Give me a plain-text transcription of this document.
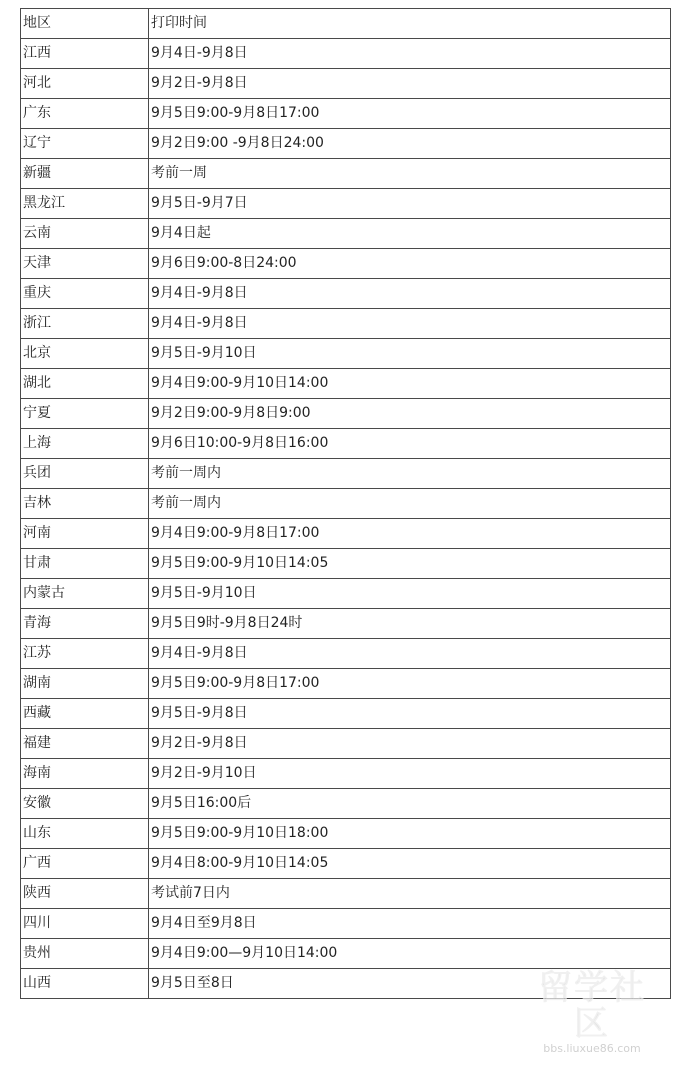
地区	打印时间
江西	9月4日-9月8日
河北	9月2日-9月8日
广东	9月5日9:00-9月8日17:00
辽宁	9月2日9:00 -9月8日24:00
新疆	考前一周
黑龙江	9月5日-9月7日
云南	9月4日起
天津	9月6日9:00-8日24:00
重庆	9月4日-9月8日
浙江	9月4日-9月8日
北京	9月5日-9月10日
湖北	9月4日9:00-9月10日14:00
宁夏	9月2日9:00-9月8日9:00
上海	9月6日10:00-9月8日16:00
兵团	考前一周内
吉林	考前一周内
河南	9月4日9:00-9月8日17:00
甘肃	9月5日9:00-9月10日14:05
内蒙古	9月5日-9月10日
青海	9月5日9时-9月8日24时
江苏	9月4日-9月8日
湖南	9月5日9:00-9月8日17:00
西藏	9月5日-9月8日
福建	9月2日-9月8日
海南	9月2日-9月10日
安徽	9月5日16:00后
山东	9月5日9:00-9月10日18:00
广西	9月4日8:00-9月10日14:05
陕西	考试前7日内
四川	9月4日至9月8日
贵州	9月4日9:00—9月10日14:00
山西	9月5日至8日	留学社区
bbs.liuxue86.com
